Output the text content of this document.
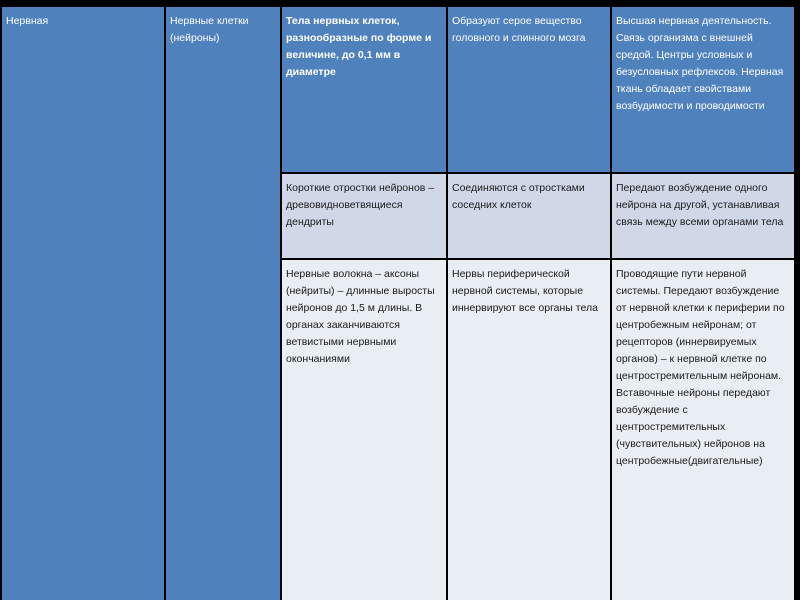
Нервная	Нервные клетки (нейроны)
Тела нервных клеток, разнообразные по форме и величине, до 0,1 мм в диаметре
Образуют серое вещество головного и спинного мозга
Высшая нервная деятельность. Связь организма с внешней средой. Центры условных и безусловных рефлексов. Нервная ткань обладает свойствами возбудимости и проводимости
Короткие отростки нейронов – древовидноветвящиеся дендриты
Соединяются с отростками соседних клеток
Передают возбуждение одного нейрона на другой, устанавливая связь между всеми органами тела
Нервные волокна – аксоны (нейриты) – длинные выросты нейронов до 1,5 м длины. В органах заканчиваются ветвистыми нервными окончаниями
Нервы периферической нервной системы, которые иннервируют все органы тела
Проводящие пути нервной системы. Передают возбуждение от нервной клетки к периферии по центробежным нейронам; от рецепторов (иннервируемых органов) – к нервной клетке по центростремительным нейронам. Вставочные нейроны передают возбуждение с центростремительных (чувствительных) нейронов на центробежные(двигательные)
